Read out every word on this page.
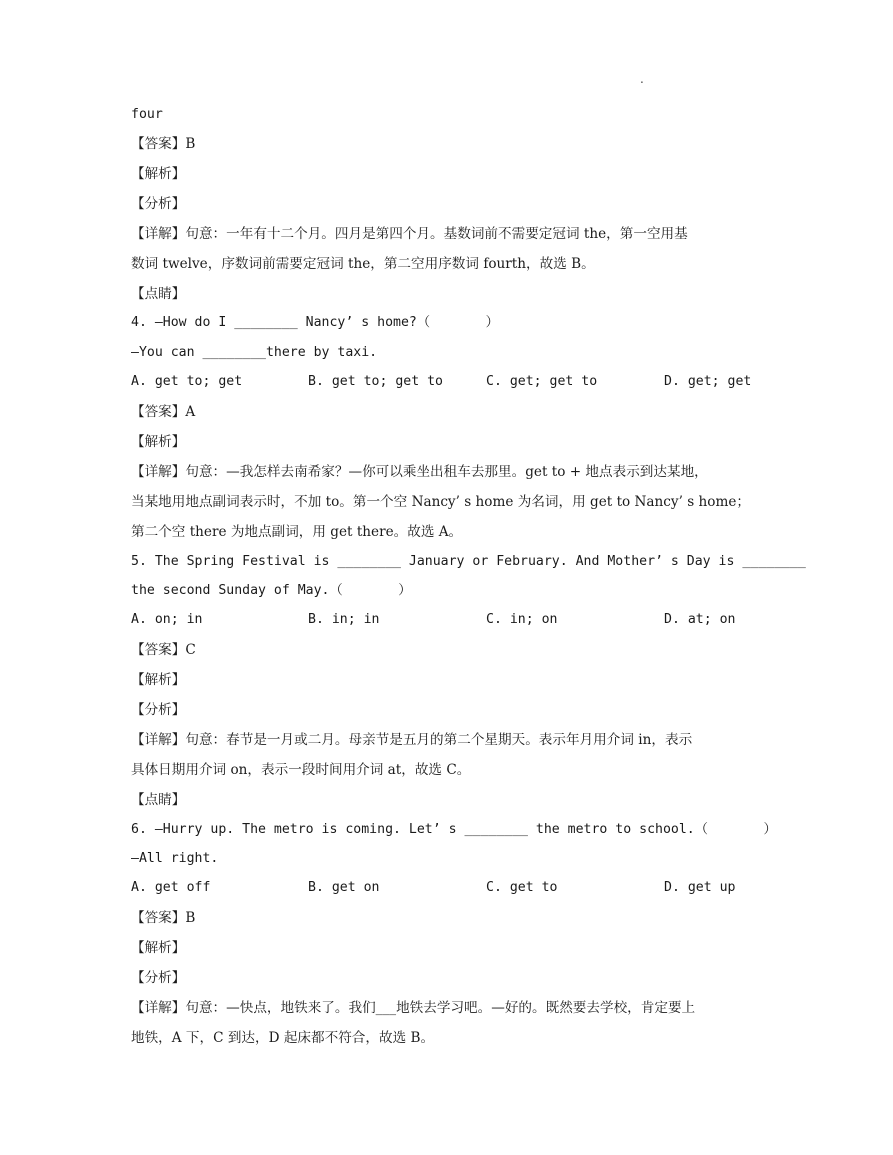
.
four
【答案】B
【解析】
【分析】
【详解】句意：一年有十二个月。四月是第四个月。基数词前不需要定冠词 the，第一空用基
数词 twelve，序数词前需要定冠词 the，第二空用序数词 fourth，故选 B。
【点睛】
4. —How do I ________ Nancy’ s home?（       ）
—You can ________there by taxi.
A. get to; get	B. get to; get to	C. get; get to	D. get; get
【答案】A
【解析】
【详解】句意：—我怎样去南希家？—你可以乘坐出租车去那里。get to + 地点表示到达某地，
当某地用地点副词表示时，不加 to。第一个空 Nancy’ s home 为名词，用 get to Nancy’ s home；
第二个空 there 为地点副词，用 get there。故选 A。
5. The Spring Festival is ________ January or February. And Mother’ s Day is ________
the second Sunday of May.（       ）
A. on; in	B. in; in	C. in; on	D. at; on
【答案】C
【解析】
【分析】
【详解】句意：春节是一月或二月。母亲节是五月的第二个星期天。表示年月用介词 in，表示
具体日期用介词 on，表示一段时间用介词 at，故选 C。
【点睛】
6. —Hurry up. The metro is coming. Let’ s ________ the metro to school.（       ）
—All right.
A. get off	B. get on	C. get to	D. get up
【答案】B
【解析】
【分析】
【详解】句意：—快点，地铁来了。我们___地铁去学习吧。—好的。既然要去学校，肯定要上
地铁，A 下，C 到达，D 起床都不符合，故选 B。
